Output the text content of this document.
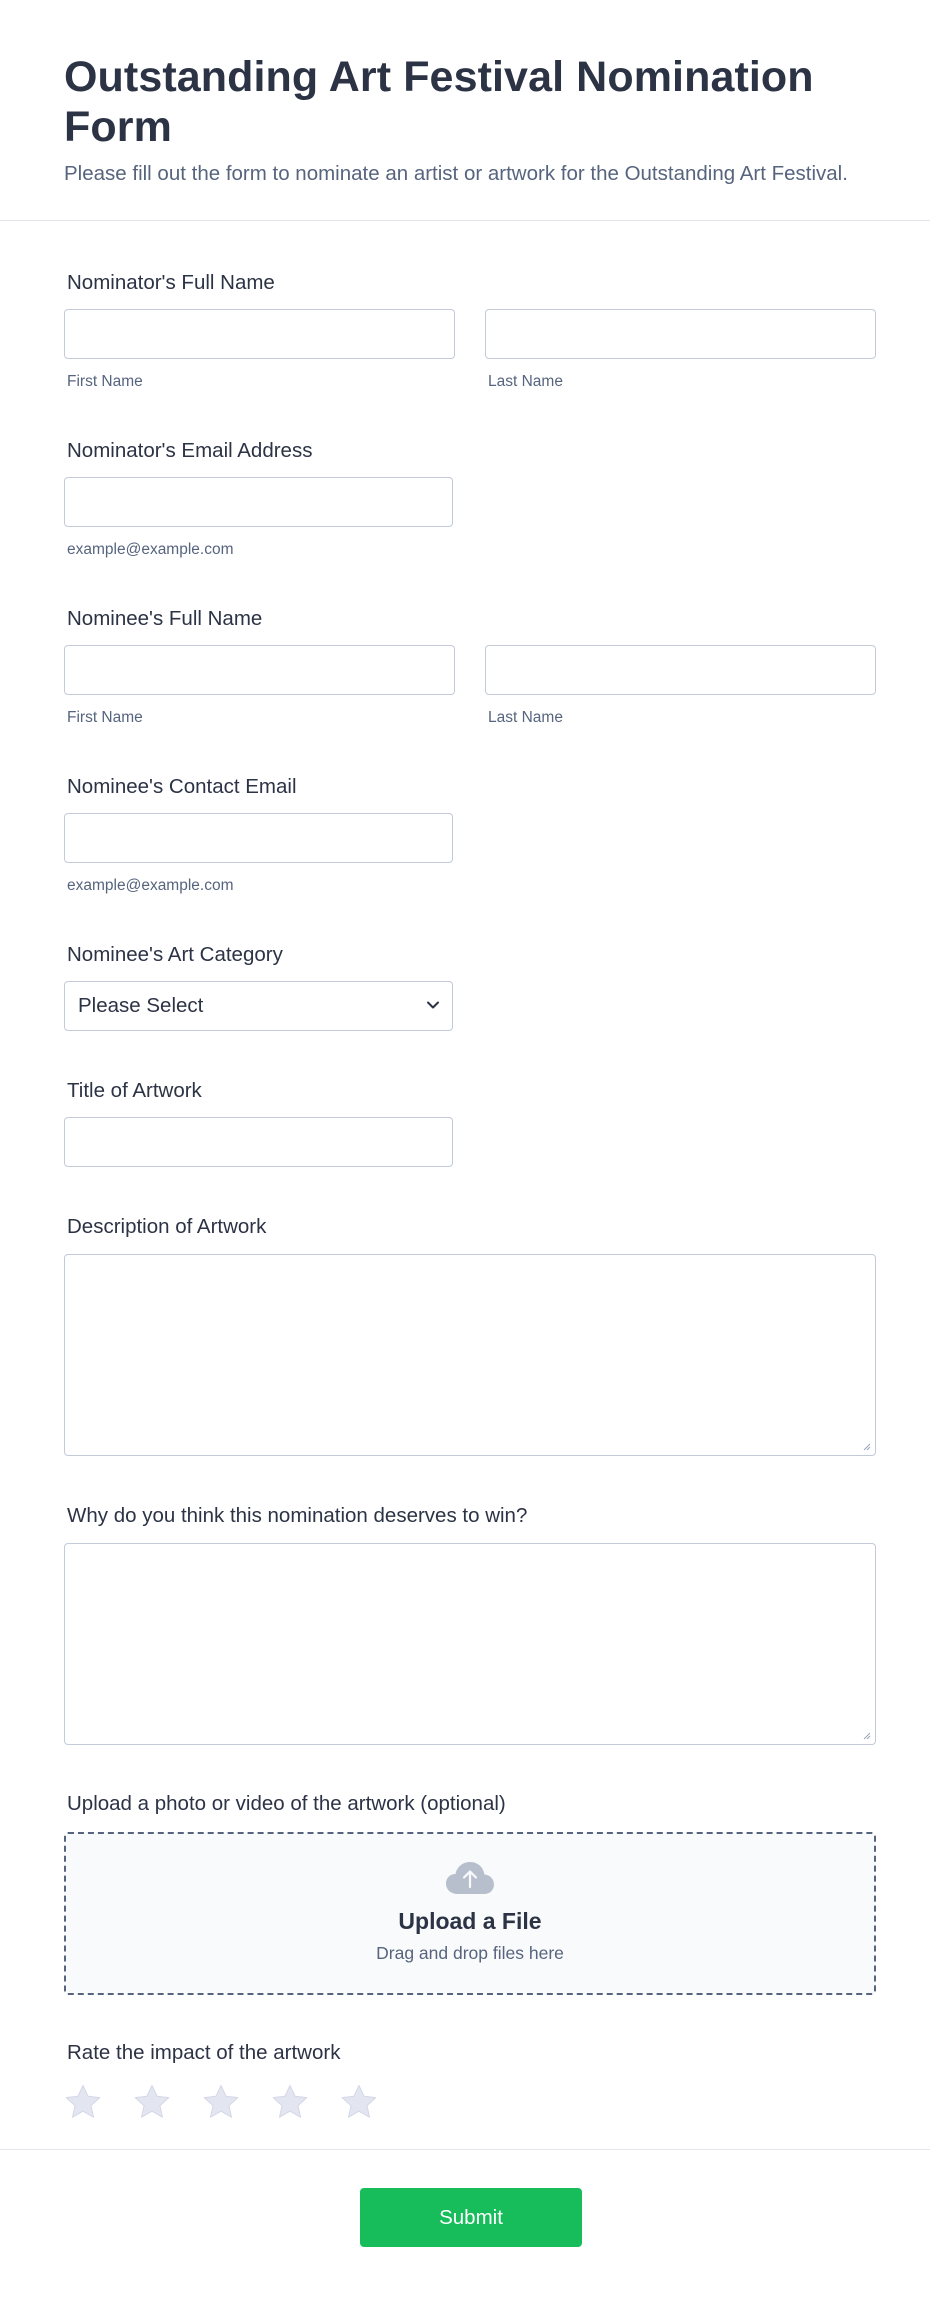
Outstanding Art Festival Nomination Form

Please fill out the form to nominate an artist or artwork for the Outstanding Art Festival.

Nominator's Full Name
First Name	Last Name
Nominator's Email Address
example@example.com
Nominee's Full Name
First Name	Last Name
Nominee's Contact Email
example@example.com
Nominee's Art Category
Please Select
Title of Artwork
Description of Artwork
Why do you think this nomination deserves to win?
Upload a photo or video of the artwork (optional)
Upload a File
Drag and drop files here
Rate the impact of the artwork
Submit
